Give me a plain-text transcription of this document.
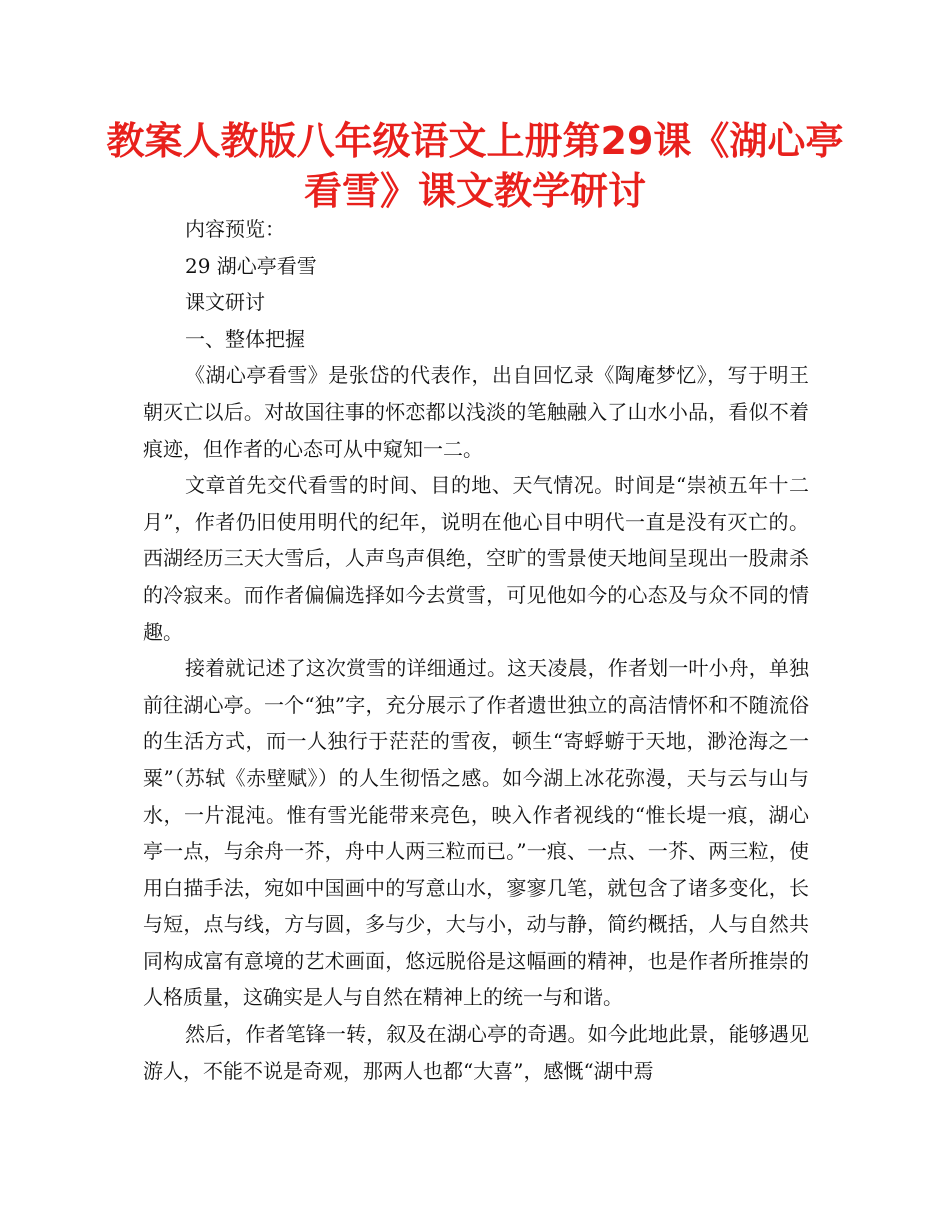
教案人教版八年级语文上册第29课《湖心亭看雪》课文教学研讨

内容预览：

29 湖心亭看雪

课文研讨

一、整体把握

《湖心亭看雪》是张岱的代表作，出自回忆录《陶庵梦忆》，写于明王朝灭亡以后。对故国往事的怀恋都以浅淡的笔触融入了山水小品，看似不着痕迹，但作者的心态可从中窥知一二。

文章首先交代看雪的时间、目的地、天气情况。时间是“崇祯五年十二月”，作者仍旧使用明代的纪年，说明在他心目中明代一直是没有灭亡的。西湖经历三天大雪后，人声鸟声俱绝，空旷的雪景使天地间呈现出一股肃杀的冷寂来。而作者偏偏选择如今去赏雪，可见他如今的心态及与众不同的情趣。

接着就记述了这次赏雪的详细通过。这天凌晨，作者划一叶小舟，单独前往湖心亭。一个“独”字，充分展示了作者遗世独立的高洁情怀和不随流俗的生活方式，而一人独行于茫茫的雪夜，顿生“寄蜉蝣于天地，渺沧海之一粟”（苏轼《赤壁赋》）的人生彻悟之感。如今湖上冰花弥漫，天与云与山与水，一片混沌。惟有雪光能带来亮色，映入作者视线的“惟长堤一痕，湖心亭一点，与余舟一芥，舟中人两三粒而已。”一痕、一点、一芥、两三粒，使用白描手法，宛如中国画中的写意山水，寥寥几笔，就包含了诸多变化，长与短，点与线，方与圆，多与少，大与小，动与静，简约概括，人与自然共同构成富有意境的艺术画面，悠远脱俗是这幅画的精神，也是作者所推崇的人格质量，这确实是人与自然在精神上的统一与和谐。

然后，作者笔锋一转，叙及在湖心亭的奇遇。如今此地此景，能够遇见游人，不能不说是奇观，那两人也都“大喜”，感慨“湖中焉
